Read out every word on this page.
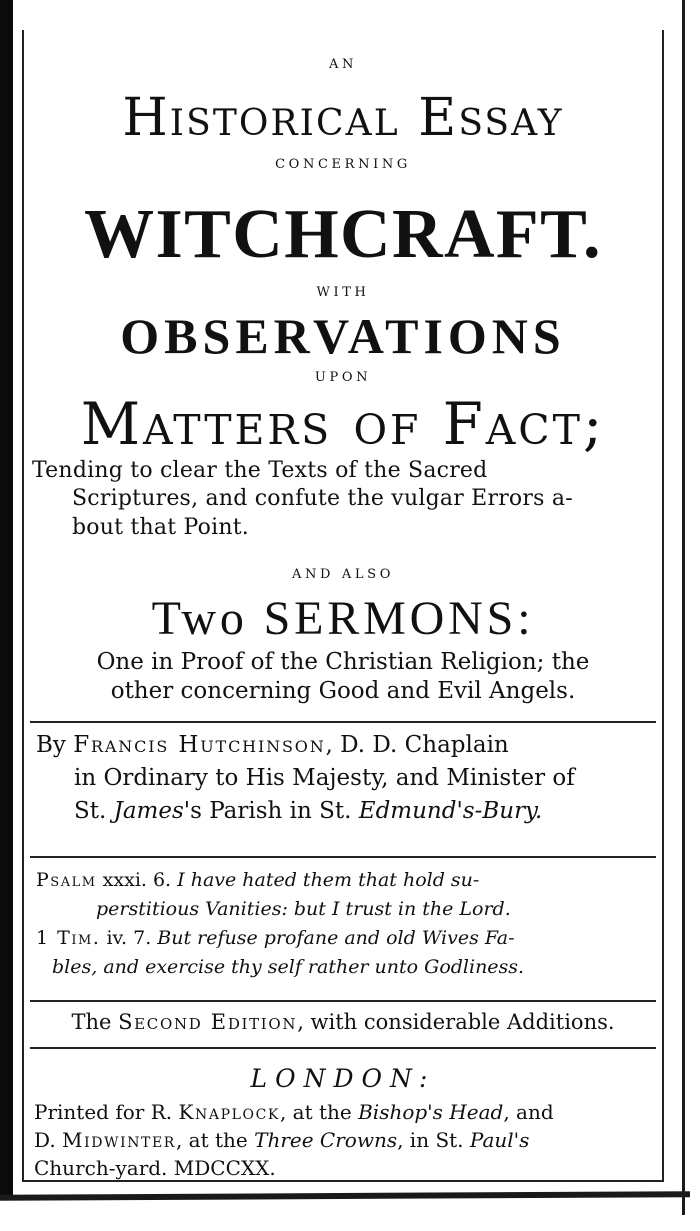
AN
Historical Essay
CONCERNING
WITCHCRAFT.
WITH
OBSERVATIONS
UPON
Matters of Fact;
Tending to clear the Texts of the Sacred
Scriptures, and confute the vulgar Errors a-
bout that Point.
AND ALSO
Two SERMONS:
One in Proof of the Christian Religion; the
other concerning Good and Evil Angels.
By Francis Hutchinson, D. D. Chaplain
in Ordinary to His Majesty, and Minister of
St. James's Parish in St. Edmund's-Bury.
Psalm xxxi. 6. I have hated them that hold su-
perstitious Vanities: but I trust in the Lord.
1 Tim. iv. 7. But refuse profane and old Wives Fa-
bles, and exercise thy self rather unto Godliness.
The Second Edition, with considerable Additions.
LONDON:
Printed for R. Knaplock, at the Bishop's Head, and
D. Midwinter, at the Three Crowns, in St. Paul's
Church-yard. MDCCXX.
